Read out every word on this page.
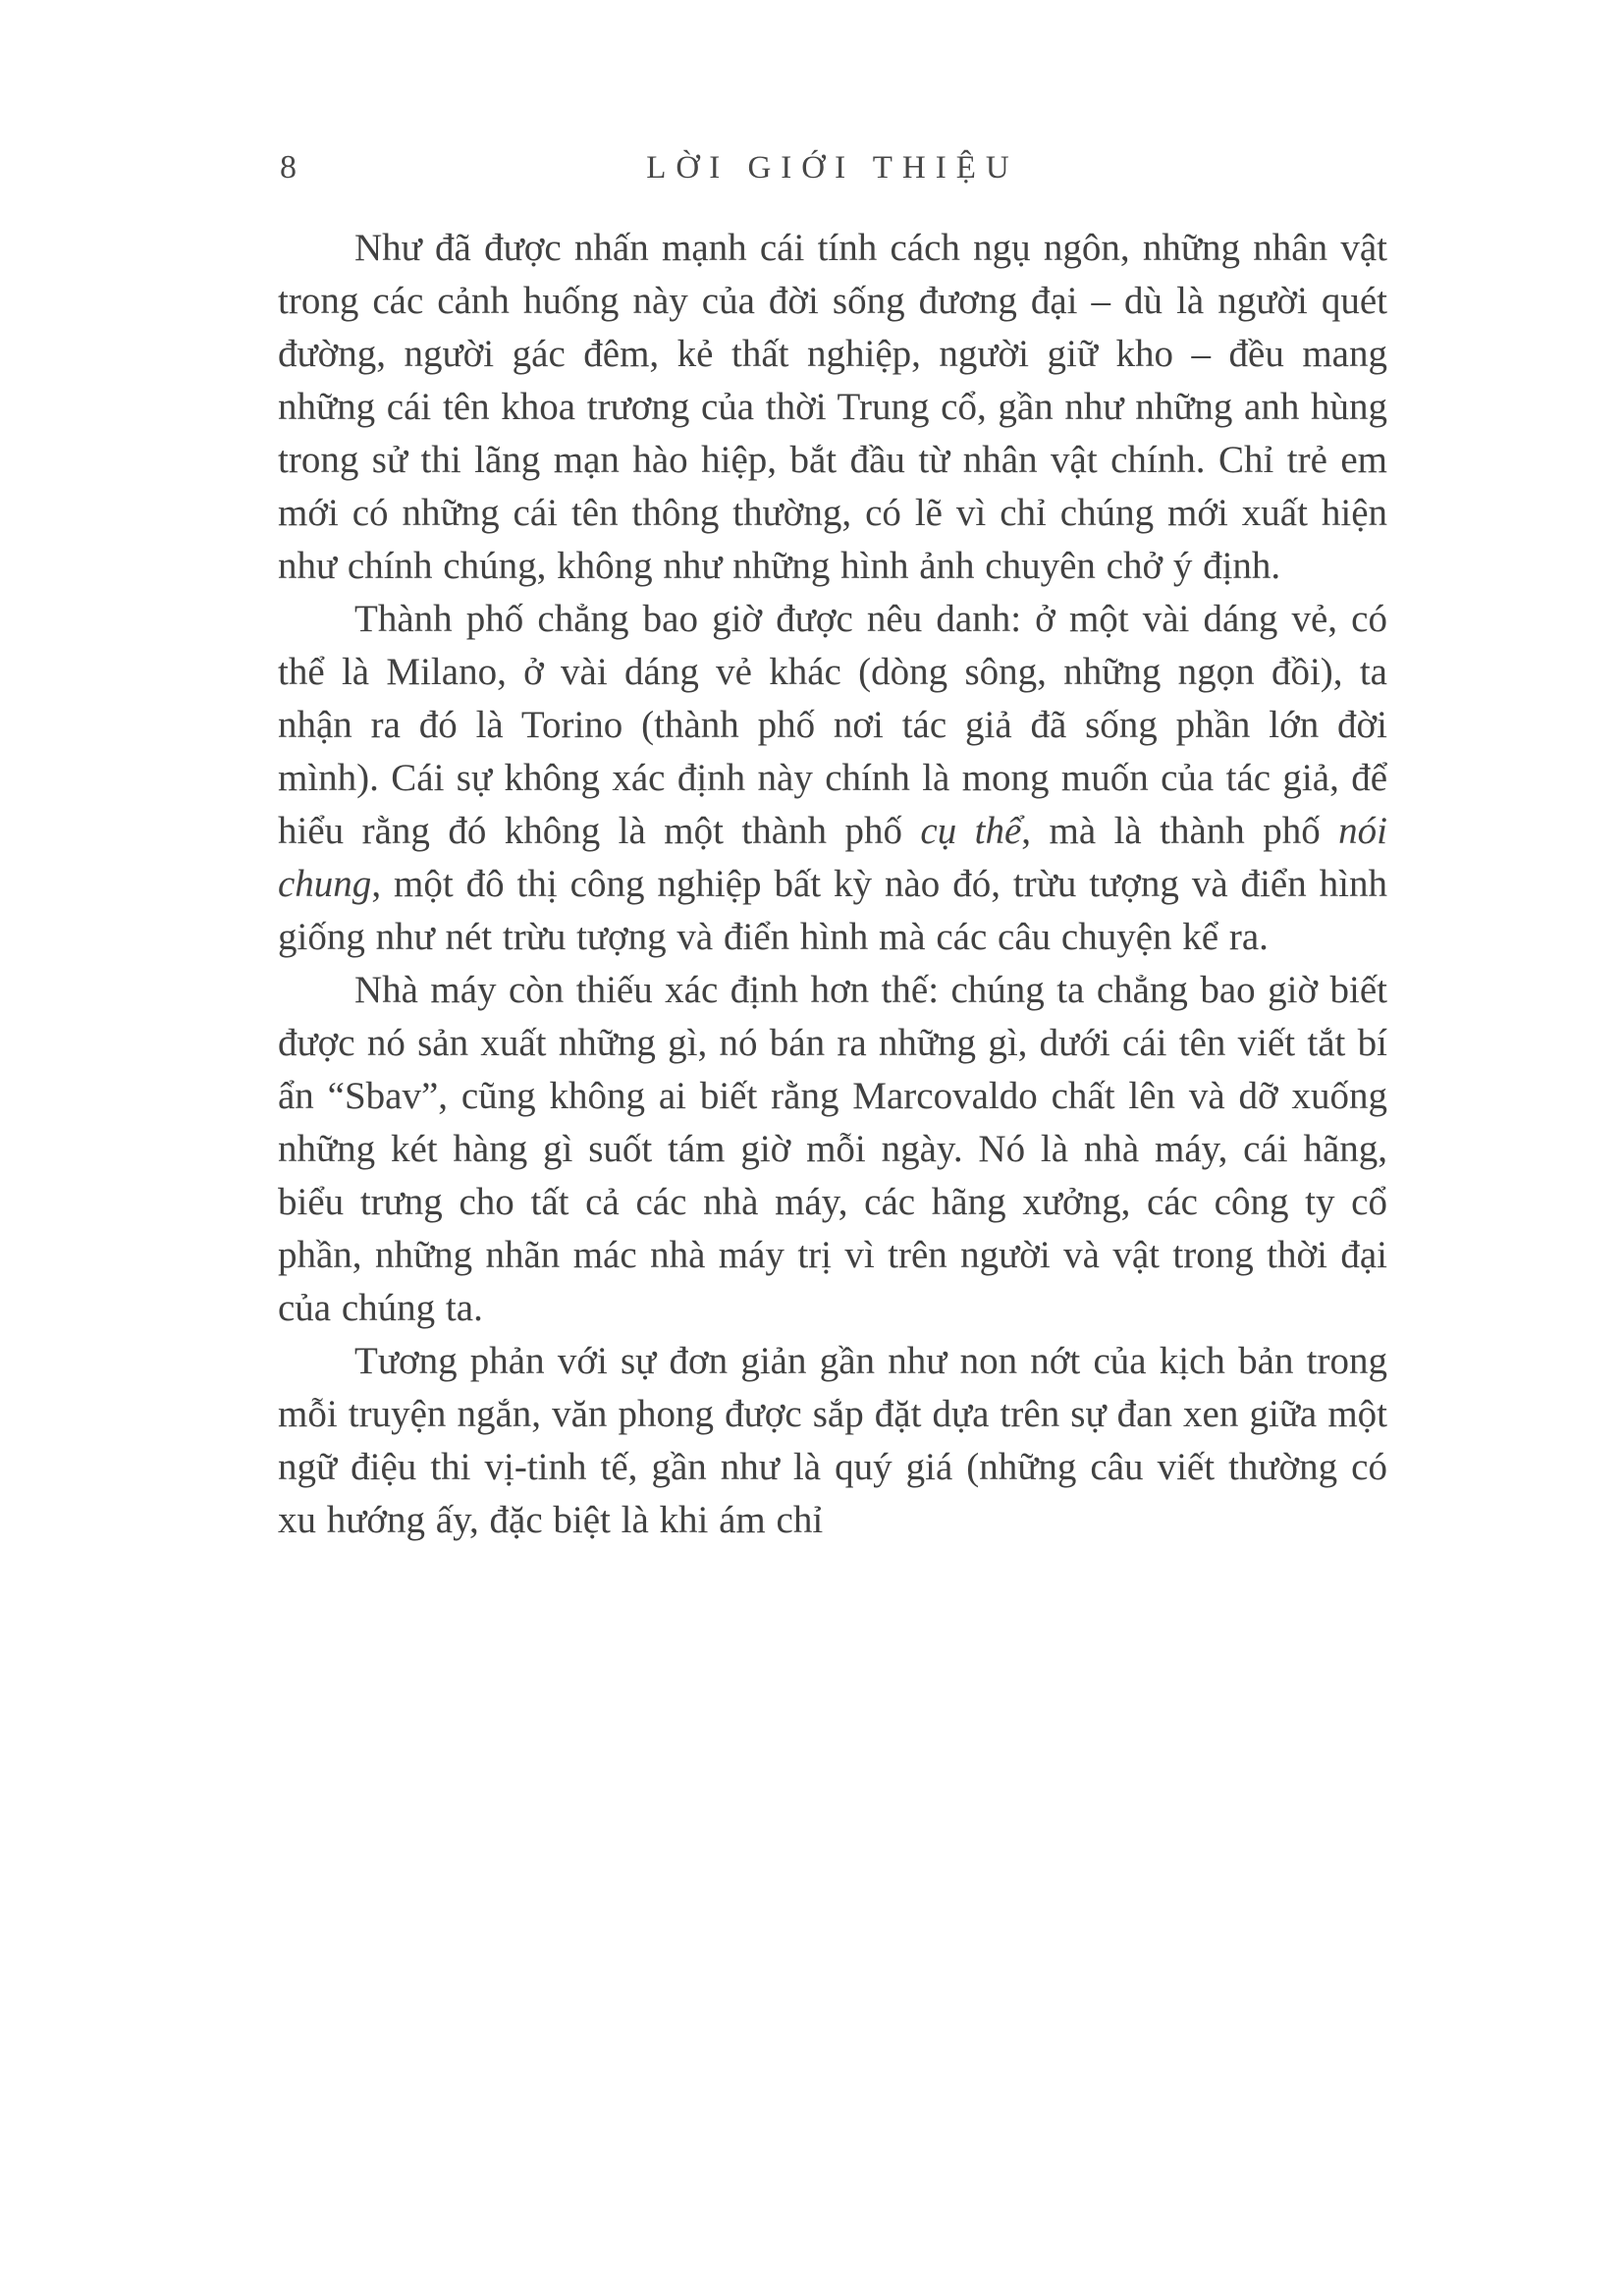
8	LỜI GIỚI THIỆU

Như đã được nhấn mạnh cái tính cách ngụ ngôn, những nhân vật trong các cảnh huống này của đời sống đương đại – dù là người quét đường, người gác đêm, kẻ thất nghiệp, người giữ kho – đều mang những cái tên khoa trương của thời Trung cổ, gần như những anh hùng trong sử thi lãng mạn hào hiệp, bắt đầu từ nhân vật chính. Chỉ trẻ em mới có những cái tên thông thường, có lẽ vì chỉ chúng mới xuất hiện như chính chúng, không như những hình ảnh chuyên chở ý định.

Thành phố chẳng bao giờ được nêu danh: ở một vài dáng vẻ, có thể là Milano, ở vài dáng vẻ khác (dòng sông, những ngọn đồi), ta nhận ra đó là Torino (thành phố nơi tác giả đã sống phần lớn đời mình). Cái sự không xác định này chính là mong muốn của tác giả, để hiểu rằng đó không là một thành phố cụ thể, mà là thành phố nói chung, một đô thị công nghiệp bất kỳ nào đó, trừu tượng và điển hình giống như nét trừu tượng và điển hình mà các câu chuyện kể ra.

Nhà máy còn thiếu xác định hơn thế: chúng ta chẳng bao giờ biết được nó sản xuất những gì, nó bán ra những gì, dưới cái tên viết tắt bí ẩn “Sbav”, cũng không ai biết rằng Marcovaldo chất lên và dỡ xuống những két hàng gì suốt tám giờ mỗi ngày. Nó là nhà máy, cái hãng, biểu trưng cho tất cả các nhà máy, các hãng xưởng, các công ty cổ phần, những nhãn mác nhà máy trị vì trên người và vật trong thời đại của chúng ta.

Tương phản với sự đơn giản gần như non nớt của kịch bản trong mỗi truyện ngắn, văn phong được sắp đặt dựa trên sự đan xen giữa một ngữ điệu thi vị-tinh tế, gần như là quý giá (những câu viết thường có xu hướng ấy, đặc biệt là khi ám chỉ
